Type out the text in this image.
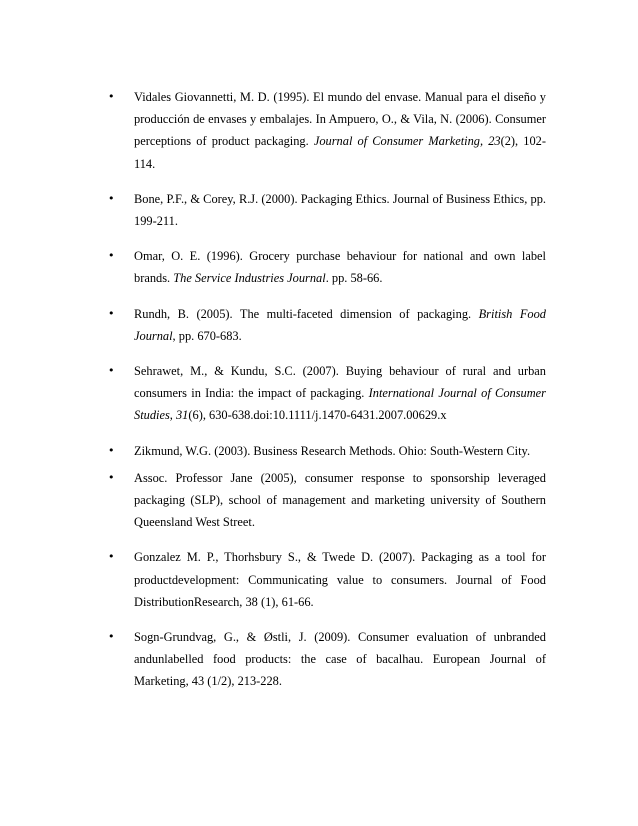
•	Vidales Giovannetti, M. D. (1995). El mundo del envase. Manual para el diseño y producción de envases y embalajes. In Ampuero, O., & Vila, N. (2006). Consumer perceptions of product packaging. Journal of Consumer Marketing, 23(2), 102-114.
•	Bone, P.F., & Corey, R.J. (2000). Packaging Ethics. Journal of Business Ethics, pp. 199-211.
•	Omar, O. E. (1996). Grocery purchase behaviour for national and own label brands. The Service Industries Journal. pp. 58-66.
•	Rundh, B. (2005). The multi-faceted dimension of packaging. British Food Journal, pp. 670-683.
•	Sehrawet, M., & Kundu, S.C. (2007). Buying behaviour of rural and urban consumers in India: the impact of packaging. International Journal of Consumer Studies, 31(6), 630-638.doi:10.1111/j.1470-6431.2007.00629.x
•	Zikmund, W.G. (2003). Business Research Methods. Ohio: South-Western City.
•	Assoc. Professor Jane (2005), consumer response to sponsorship leveraged packaging (SLP), school of management and marketing university of Southern Queensland West Street.
•	Gonzalez M. P., Thorhsbury S., & Twede D. (2007). Packaging as a tool for productdevelopment: Communicating value to consumers. Journal of Food DistributionResearch, 38 (1), 61-66.
•	Sogn-Grundvag, G., & Østli, J. (2009). Consumer evaluation of unbranded andunlabelled food products: the case of bacalhau. European Journal of Marketing, 43 (1/2), 213-228.
